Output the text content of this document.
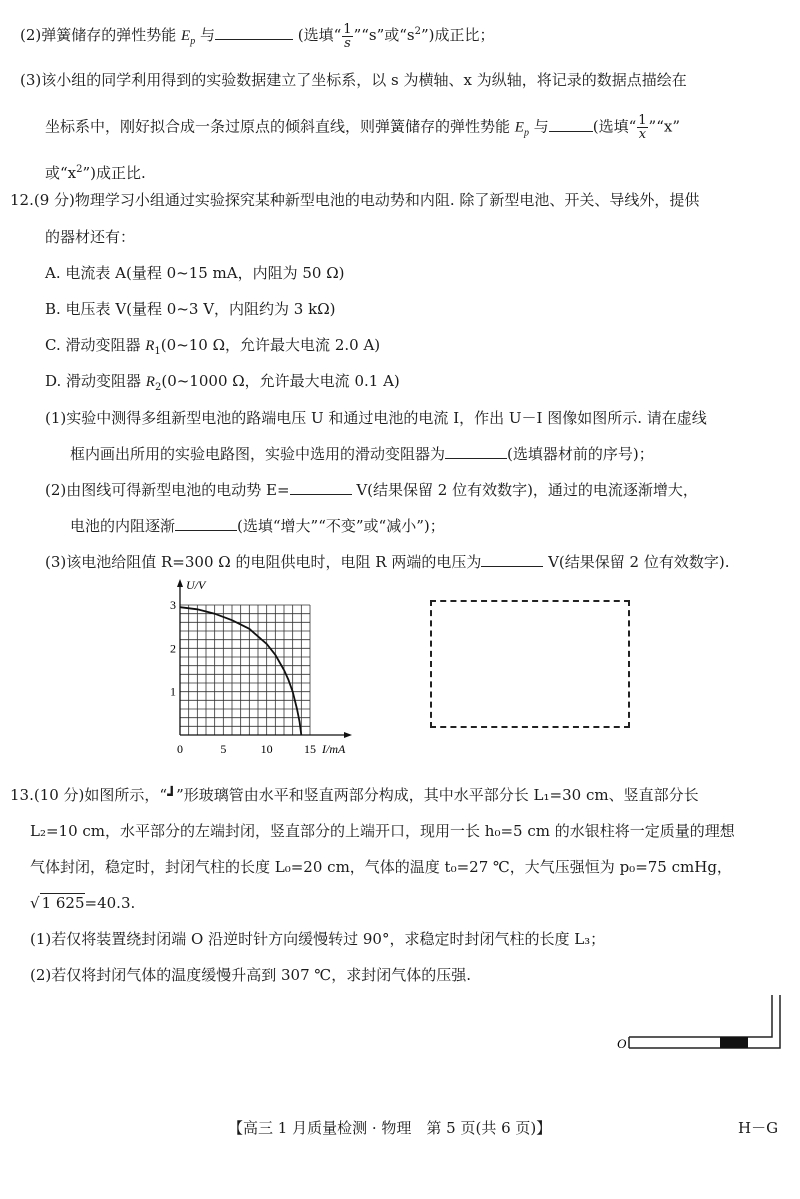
(2)弹簧储存的弹性势能 $E_p$ 与	(选填“ $\frac{1}{s}$ ”“s”或“$s^2$”)成正比；
(3)该小组的同学利用得到的实验数据建立了坐标系，以 s 为横轴、x 为纵轴，将记录的数据点描绘在
坐标系中，刚好拟合成一条过原点的倾斜直线，则弹簧储存的弹性势能 $E_p$ 与	(选填“ $\frac{1}{x}$ ”“x”
或“$x^2$”)成正比.
12.(9 分)物理学习小组通过实验探究某种新型电池的电动势和内阻. 除了新型电池、开关、导线外，提供
的器材还有：
A. 电流表 A(量程 0~15 mA，内阻为 50 Ω)
B. 电压表 V(量程 0~3 V，内阻约为 3 kΩ)
C. 滑动变阻器 $R_1(0\sim 10$ Ω，允许最大电流 2.0 A)
D. 滑动变阻器 $R_2(0\sim 1000$ Ω，允许最大电流 0.1 A)
(1)实验中测得多组新型电池的路端电压 U 和通过电池的电流 I，作出 U－I 图像如图所示. 请在虚线
框内画出所用的实验电路图，实验中选用的滑动变阻器为	(选填器材前的序号)；
(2)由图线可得新型电池的电动势 E=	V(结果保留 2 位有效数字)，通过的电流逐渐增大，
电池的内阻逐渐	(选填“增大”“不变”或“减小”)；
(3)该电池给阻值 R=300 Ω 的电阻供电时，电阻 R 两端的电压为	V(结果保留 2 位有效数字).
0	5	10	15
1
2
3
I/mA
U/V
13.(10 分)如图所示，“┛”形玻璃管由水平和竖直两部分构成，其中水平部分长 L₁=30 cm、竖直部分长
L₂=10 cm，水平部分的左端封闭，竖直部分的上端开口，现用一长 h₀=5 cm 的水银柱将一定质量的理想
气体封闭，稳定时，封闭气柱的长度 L₀=20 cm，气体的温度 t₀=27 ℃，大气压强恒为 p₀=75 cmHg，
√ 1 625=40.3.
(1)若仅将装置绕封闭端 O 沿逆时针方向缓慢转过 90°，求稳定时封闭气柱的长度 L₃；
(2)若仅将封闭气体的温度缓慢升高到 307 ℃，求封闭气体的压强.
O
【高三 1 月质量检测 · 物理　第 5 页(共 6 页)】	H－G
